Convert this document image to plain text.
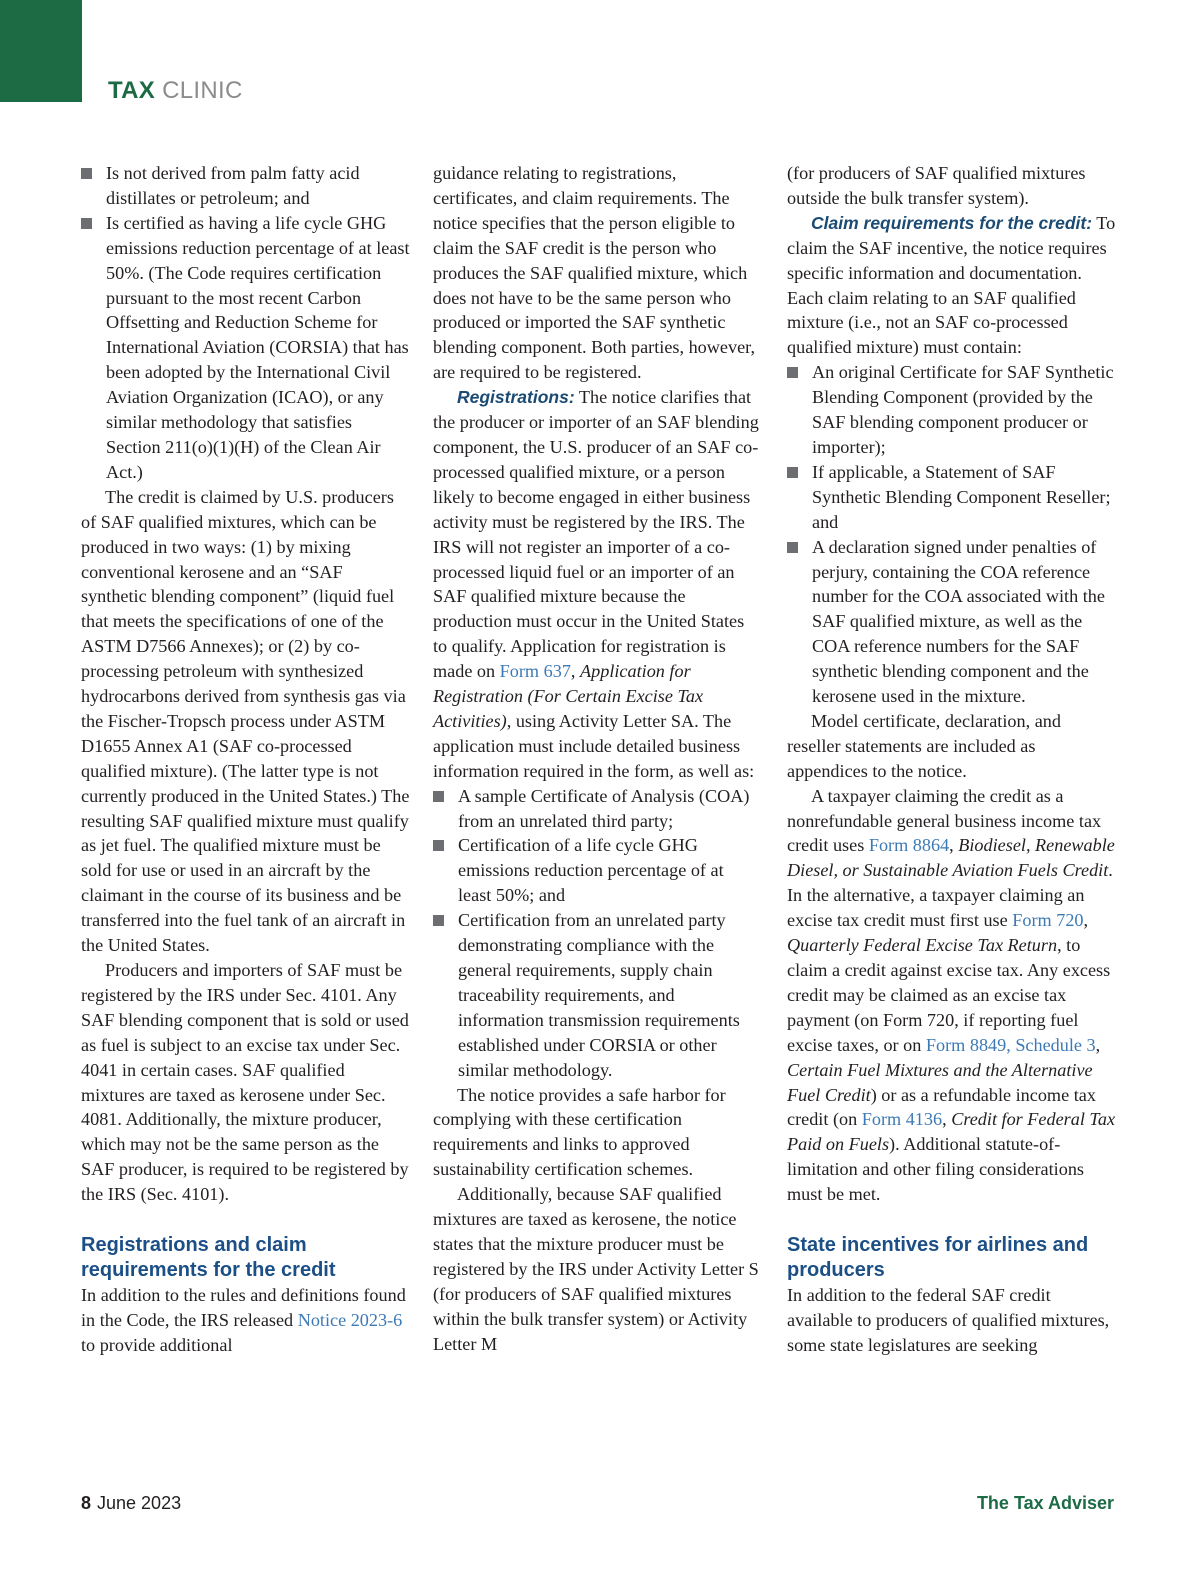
TAX CLINIC
Is not derived from palm fatty acid distillates or petroleum; and
Is certified as having a life cycle GHG emissions reduction percentage of at least 50%. (The Code requires certification pursuant to the most recent Carbon Offsetting and Reduction Scheme for International Aviation (CORSIA) that has been adopted by the International Civil Aviation Organization (ICAO), or any similar methodology that satisfies Section 211(o)(1)(H) of the Clean Air Act.)

The credit is claimed by U.S. producers of SAF qualified mixtures, which can be produced in two ways: (1) by mixing conventional kerosene and an “SAF synthetic blending component” (liquid fuel that meets the specifications of one of the ASTM D7566 Annexes); or (2) by co-processing petroleum with synthesized hydrocarbons derived from synthesis gas via the Fischer-Tropsch process under ASTM D1655 Annex A1 (SAF co-processed qualified mixture). (The latter type is not currently produced in the United States.) The resulting SAF qualified mixture must qualify as jet fuel. The qualified mixture must be sold for use or used in an aircraft by the claimant in the course of its business and be transferred into the fuel tank of an aircraft in the United States.

Producers and importers of SAF must be registered by the IRS under Sec. 4101. Any SAF blending component that is sold or used as fuel is subject to an excise tax under Sec. 4041 in certain cases. SAF qualified mixtures are taxed as kerosene under Sec. 4081. Additionally, the mixture producer, which may not be the same person as the SAF producer, is required to be registered by the IRS (Sec. 4101).

Registrations and claim requirements for the credit

In addition to the rules and definitions found in the Code, the IRS released Notice 2023-6 to provide additional

guidance relating to registrations, certificates, and claim requirements. The notice specifies that the person eligible to claim the SAF credit is the person who produces the SAF qualified mixture, which does not have to be the same person who produced or imported the SAF synthetic blending component. Both parties, however, are required to be registered.

Registrations: The notice clarifies that the producer or importer of an SAF blending component, the U.S. producer of an SAF co-processed qualified mixture, or a person likely to become engaged in either business activity must be registered by the IRS. The IRS will not register an importer of a co-processed liquid fuel or an importer of an SAF qualified mixture because the production must occur in the United States to qualify. Application for registration is made on Form 637, Application for Registration (For Certain Excise Tax Activities), using Activity Letter SA. The application must include detailed business information required in the form, as well as:

A sample Certificate of Analysis (COA) from an unrelated third party;
Certification of a life cycle GHG emissions reduction percentage of at least 50%; and
Certification from an unrelated party demonstrating compliance with the general requirements, supply chain traceability requirements, and information transmission requirements established under CORSIA or other similar methodology.

The notice provides a safe harbor for complying with these certification requirements and links to approved sustainability certification schemes.

Additionally, because SAF qualified mixtures are taxed as kerosene, the notice states that the mixture producer must be registered by the IRS under Activity Letter S (for producers of SAF qualified mixtures within the bulk transfer system) or Activity Letter M

(for producers of SAF qualified mixtures outside the bulk transfer system).

Claim requirements for the credit: To claim the SAF incentive, the notice requires specific information and documentation. Each claim relating to an SAF qualified mixture (i.e., not an SAF co-processed qualified mixture) must contain:

An original Certificate for SAF Synthetic Blending Component (provided by the SAF blending component producer or importer);
If applicable, a Statement of SAF Synthetic Blending Component Reseller; and
A declaration signed under penalties of perjury, containing the COA reference number for the COA associated with the SAF qualified mixture, as well as the COA reference numbers for the SAF synthetic blending component and the kerosene used in the mixture.

Model certificate, declaration, and reseller statements are included as appendices to the notice.

A taxpayer claiming the credit as a nonrefundable general business income tax credit uses Form 8864, Biodiesel, Renewable Diesel, or Sustainable Aviation Fuels Credit. In the alternative, a taxpayer claiming an excise tax credit must first use Form 720, Quarterly Federal Excise Tax Return, to claim a credit against excise tax. Any excess credit may be claimed as an excise tax payment (on Form 720, if reporting fuel excise taxes, or on Form 8849, Schedule 3, Certain Fuel Mixtures and the Alternative Fuel Credit) or as a refundable income tax credit (on Form 4136, Credit for Federal Tax Paid on Fuels). Additional statute-of-limitation and other filing considerations must be met.

State incentives for airlines and producers

In addition to the federal SAF credit available to producers of qualified mixtures, some state legislatures are seeking

8 June 2023	The Tax Adviser
